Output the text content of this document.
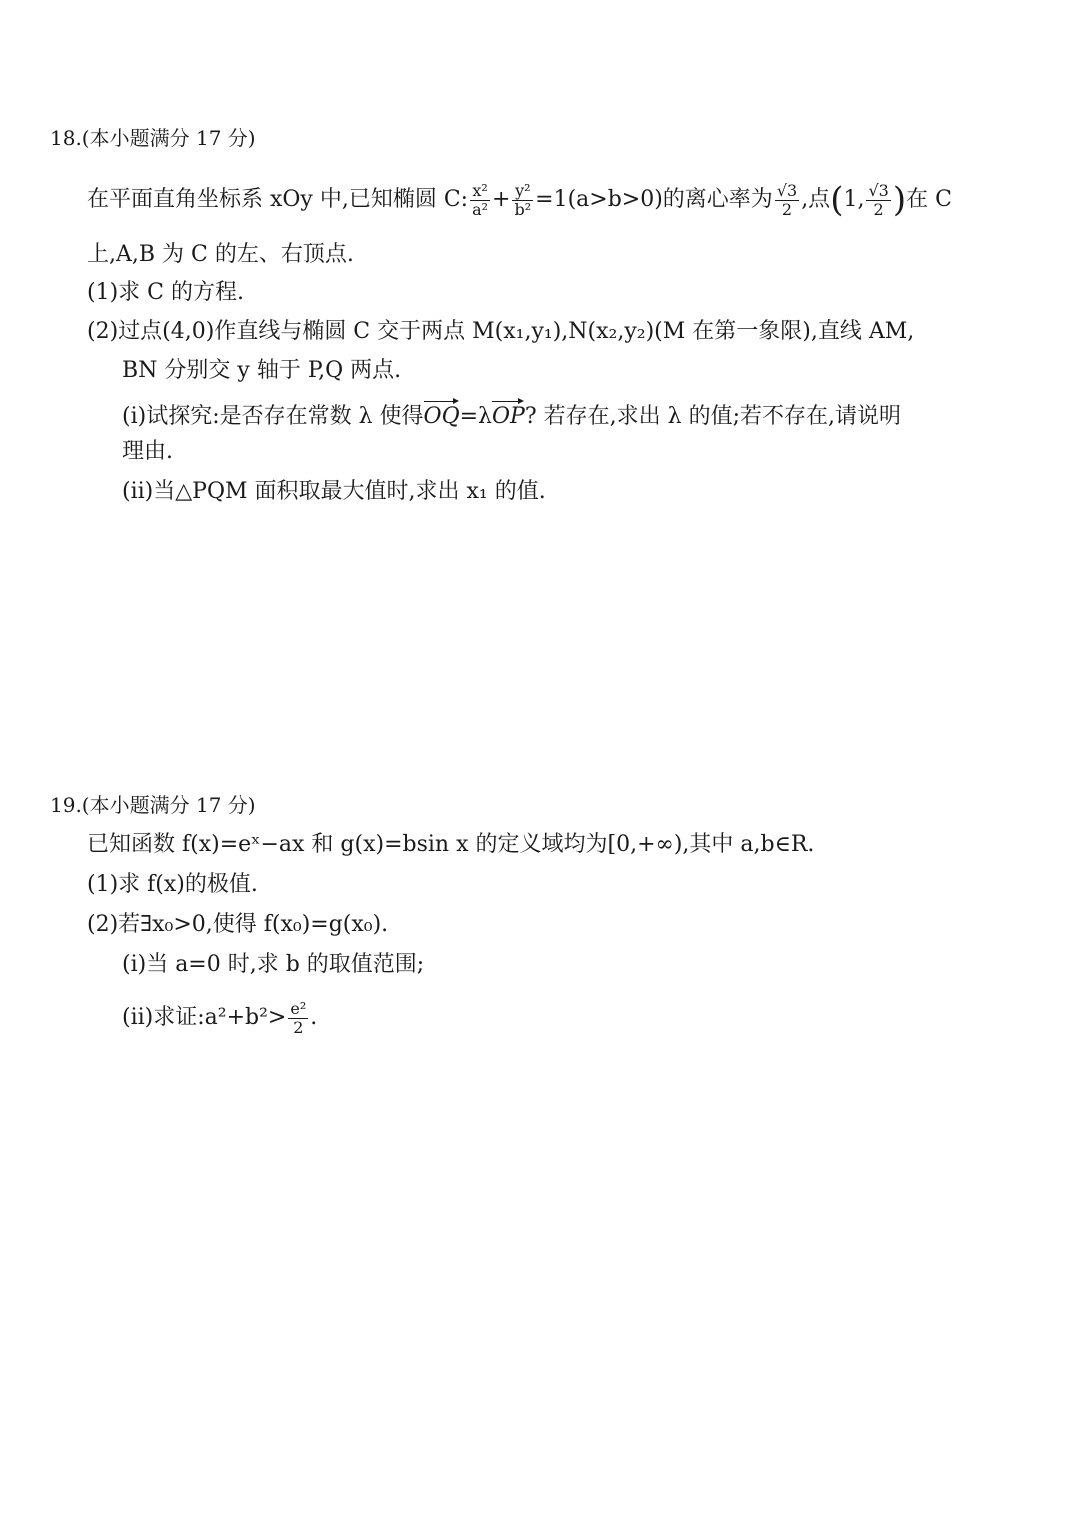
18.(本小题满分 17 分)
在平面直角坐标系 xOy 中,已知椭圆 C: $\frac{\text{x²}}{\text{a²}} + \frac{\text{y²}}{\text{b²}} =1(a>b>0)$的离心率为 $\frac{√3}{2}$ ,点(1, $\frac{√3}{2}$ )在 C
上,A,B 为 C 的左、右顶点.
(1)求 C 的方程.
(2)过点(4,0)作直线与椭圆 C 交于两点 M(x₁,y₁),N(x₂,y₂)(M 在第一象限),直线 AM,
BN 分别交 y 轴于 P,Q 两点.
(ⅰ)试探究:是否存在常数 λ 使得OQ=λOP? 若存在,求出 λ 的值;若不存在,请说明
理由.
(ⅱ)当△PQM 面积取最大值时,求出 x₁ 的值.
19.(本小题满分 17 分)
已知函数 f(x)=eˣ−ax 和 g(x)=bsin x 的定义域均为[0,+∞),其中 a,b∈R.
(1)求 f(x)的极值.
(2)若∃x₀>0,使得 f(x₀)=g(x₀).
(ⅰ)当 a=0 时,求 b 的取值范围;
(ⅱ)求证:a²+b²> $\frac{\text{e²}}{2}$ .
